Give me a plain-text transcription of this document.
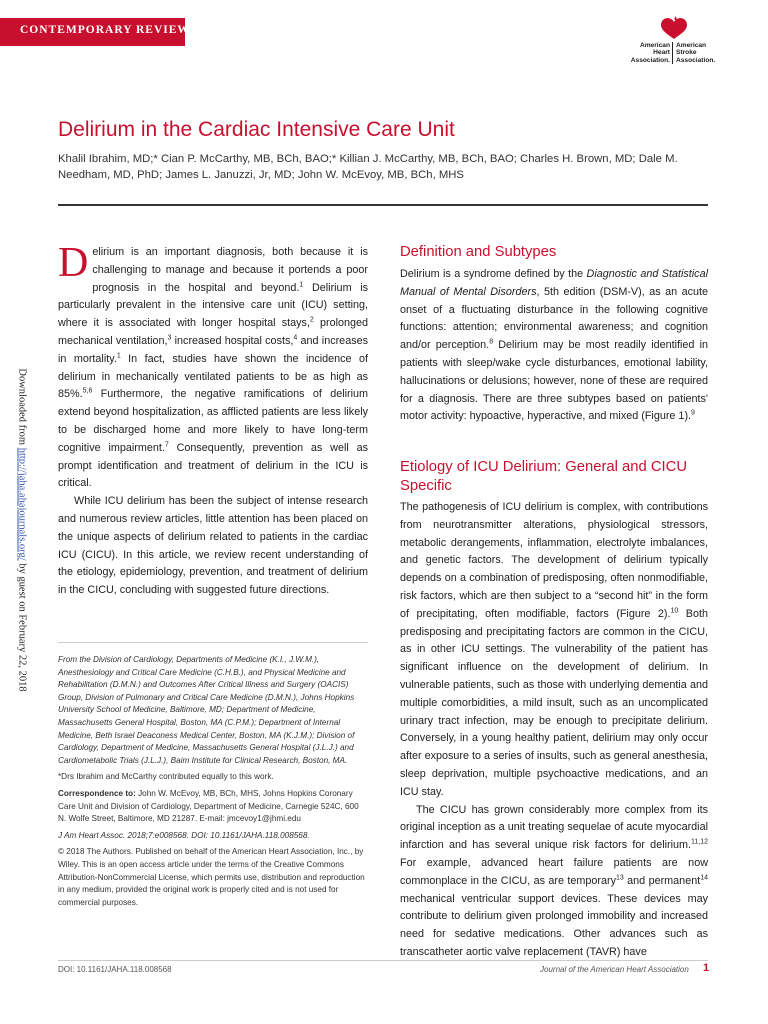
CONTEMPORARY REVIEW
American
Heart
Association.
American
Stroke
Association.
Delirium in the Cardiac Intensive Care Unit

Khalil Ibrahim, MD;* Cian P. McCarthy, MB, BCh, BAO;* Killian J. McCarthy, MB, BCh, BAO; Charles H. Brown, MD; Dale M. Needham, MD, PhD; James L. Januzzi, Jr, MD; John W. McEvoy, MB, BCh, MHS

Downloaded from http://jaha.ahajournals.org/ by guest on February 22, 2018

Delirium is an important diagnosis, both because it is challenging to manage and because it portends a poor prognosis in the hospital and beyond.$^1$ Delirium is particularly prevalent in the intensive care unit (ICU) setting, where it is associated with longer hospital stays,$^2$ prolonged mechanical ventilation,$^3$ increased hospital costs,$^4$ and increases in mortality.$^1$ In fact, studies have shown the incidence of delirium in mechanically ventilated patients to be as high as 85%.$^{5,6}$ Furthermore, the negative ramifications of delirium extend beyond hospitalization, as afflicted patients are less likely to be discharged home and more likely to have long-term cognitive impairment.$^7$ Consequently, prevention as well as prompt identification and treatment of delirium in the ICU is critical.

While ICU delirium has been the subject of intense research and numerous review articles, little attention has been placed on the unique aspects of delirium related to patients in the cardiac ICU (CICU). In this article, we review recent understanding of the etiology, epidemiology, prevention, and treatment of delirium in the CICU, concluding with suggested future directions.

From the Division of Cardiology, Departments of Medicine (K.I., J.W.M.), Anesthesiology and Critical Care Medicine (C.H.B.), and Physical Medicine and Rehabilitation (D.M.N.) and Outcomes After Critical Illness and Surgery (OACIS) Group, Division of Pulmonary and Critical Care Medicine (D.M.N.), Johns Hopkins University School of Medicine, Baltimore, MD; Department of Medicine, Massachusetts General Hospital, Boston, MA (C.P.M.); Department of Internal Medicine, Beth Israel Deaconess Medical Center, Boston, MA (K.J.M.); Division of Cardiology, Department of Medicine, Massachusetts General Hospital (J.L.J.) and Cardiometabolic Trials (J.L.J.), Baim Institute for Clinical Research, Boston, MA.

*Drs Ibrahim and McCarthy contributed equally to this work.

Correspondence to: John W. McEvoy, MB, BCh, MHS, Johns Hopkins Coronary Care Unit and Division of Cardiology, Department of Medicine, Carnegie 524C, 600 N. Wolfe Street, Baltimore, MD 21287. E-mail: jmcevoy1@jhmi.edu

J Am Heart Assoc. 2018;7:e008568. DOI: 10.1161/JAHA.118.008568.

© 2018 The Authors. Published on behalf of the American Heart Association, Inc., by Wiley. This is an open access article under the terms of the Creative Commons Attribution-NonCommercial License, which permits use, distribution and reproduction in any medium, provided the original work is properly cited and is not used for commercial purposes.

Definition and Subtypes

Delirium is a syndrome defined by the Diagnostic and Statistical Manual of Mental Disorders, 5th edition (DSM-V), as an acute onset of a fluctuating disturbance in the following cognitive functions: attention; environmental awareness; and cognition and/or perception.$^8$ Delirium may be most readily identified in patients with sleep/wake cycle disturbances, emotional lability, hallucinations or delusions; however, none of these are required for a diagnosis. There are three subtypes based on patients' motor activity: hypoactive, hyperactive, and mixed (Figure 1).$^9$

Etiology of ICU Delirium: General and CICU Specific

The pathogenesis of ICU delirium is complex, with contributions from neurotransmitter alterations, physiological stressors, metabolic derangements, inflammation, electrolyte imbalances, and genetic factors. The development of delirium typically depends on a combination of predisposing, often nonmodifiable, risk factors, which are then subject to a “second hit” in the form of precipitating, often modifiable, factors (Figure 2).$^{10}$ Both predisposing and precipitating factors are common in the CICU, as in other ICU settings. The vulnerability of the patient has significant influence on the development of delirium. In vulnerable patients, such as those with underlying dementia and multiple comorbidities, a mild insult, such as an uncomplicated urinary tract infection, may be enough to precipitate delirium. Conversely, in a young healthy patient, delirium may only occur after exposure to a series of insults, such as general anesthesia, sleep deprivation, multiple psychoactive medications, and an ICU stay.

The CICU has grown considerably more complex from its original inception as a unit treating sequelae of acute myocardial infarction and has several unique risk factors for delirium.$^{11,12}$ For example, advanced heart failure patients are now commonplace in the CICU, as are temporary$^{13}$ and permanent$^{14}$ mechanical ventricular support devices. These devices may contribute to delirium given prolonged immobility and increased need for sedative medications. Other advances such as transcatheter aortic valve replacement (TAVR) have

DOI: 10.1161/JAHA.118.008568	Journal of the American Heart Association 1
